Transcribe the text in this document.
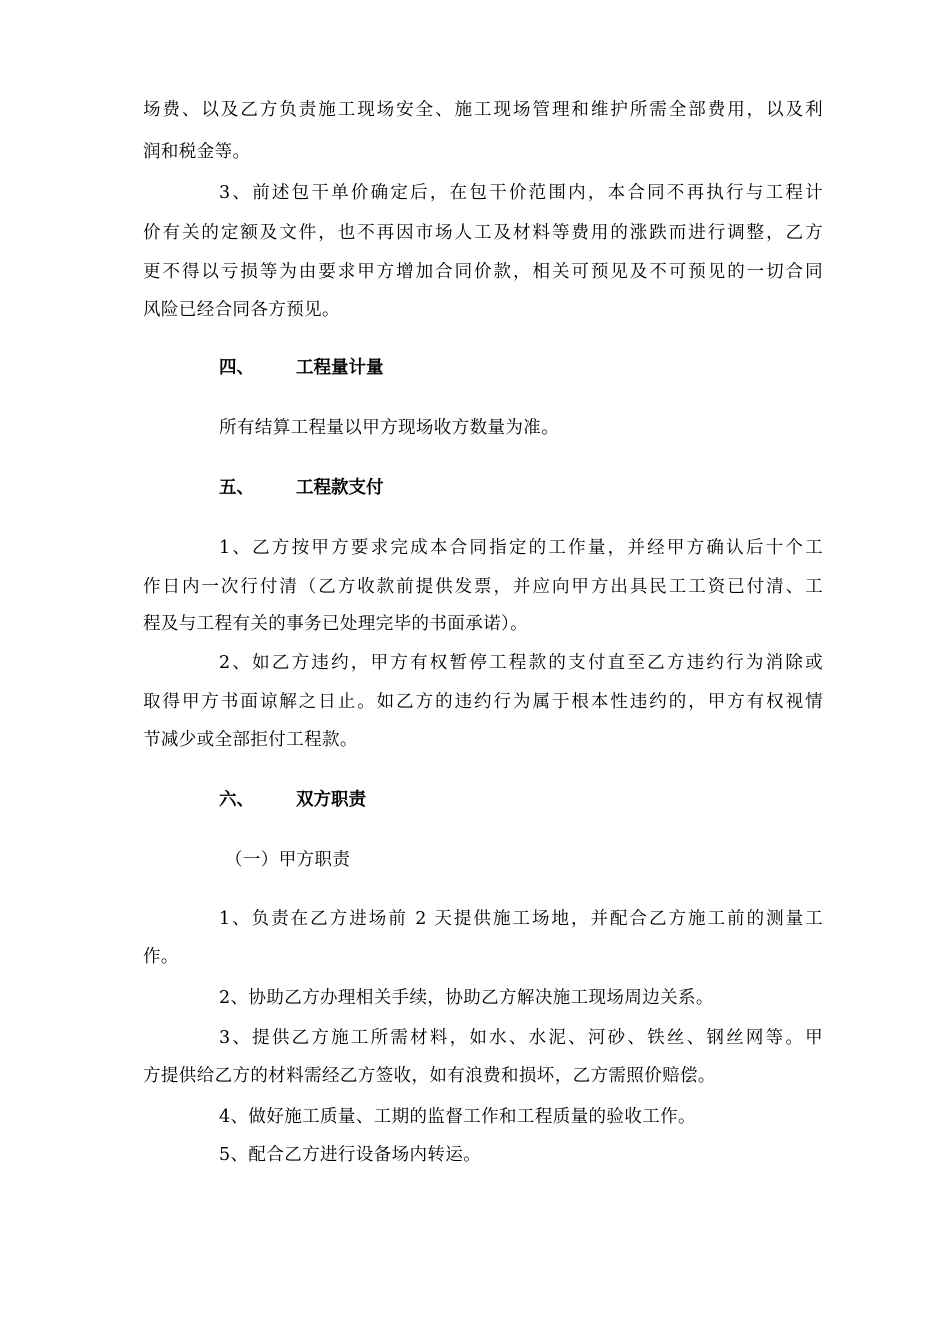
场费、以及乙方负责施工现场安全、施工现场管理和维护所需全部费用，以及利
润和税金等。
3、前述包干单价确定后，在包干价范围内，本合同不再执行与工程计
价有关的定额及文件，也不再因市场人工及材料等费用的涨跌而进行调整，乙方
更不得以亏损等为由要求甲方增加合同价款，相关可预见及不可预见的一切合同
风险已经合同各方预见。
四、 工程量计量
所有结算工程量以甲方现场收方数量为准。
五、 工程款支付
1、乙方按甲方要求完成本合同指定的工作量，并经甲方确认后十个工
作日内一次行付清（乙方收款前提供发票，并应向甲方出具民工工资已付清、工
程及与工程有关的事务已处理完毕的书面承诺）。
2、如乙方违约，甲方有权暂停工程款的支付直至乙方违约行为消除或
取得甲方书面谅解之日止。如乙方的违约行为属于根本性违约的，甲方有权视情
节减少或全部拒付工程款。
六、 双方职责
（一）甲方职责
1、负责在乙方进场前 2 天提供施工场地，并配合乙方施工前的测量工
作。
2、协助乙方办理相关手续，协助乙方解决施工现场周边关系。
3、提供乙方施工所需材料，如水、水泥、河砂、铁丝、钢丝网等。甲
方提供给乙方的材料需经乙方签收，如有浪费和损坏，乙方需照价赔偿。
4、做好施工质量、工期的监督工作和工程质量的验收工作。
5、配合乙方进行设备场内转运。
